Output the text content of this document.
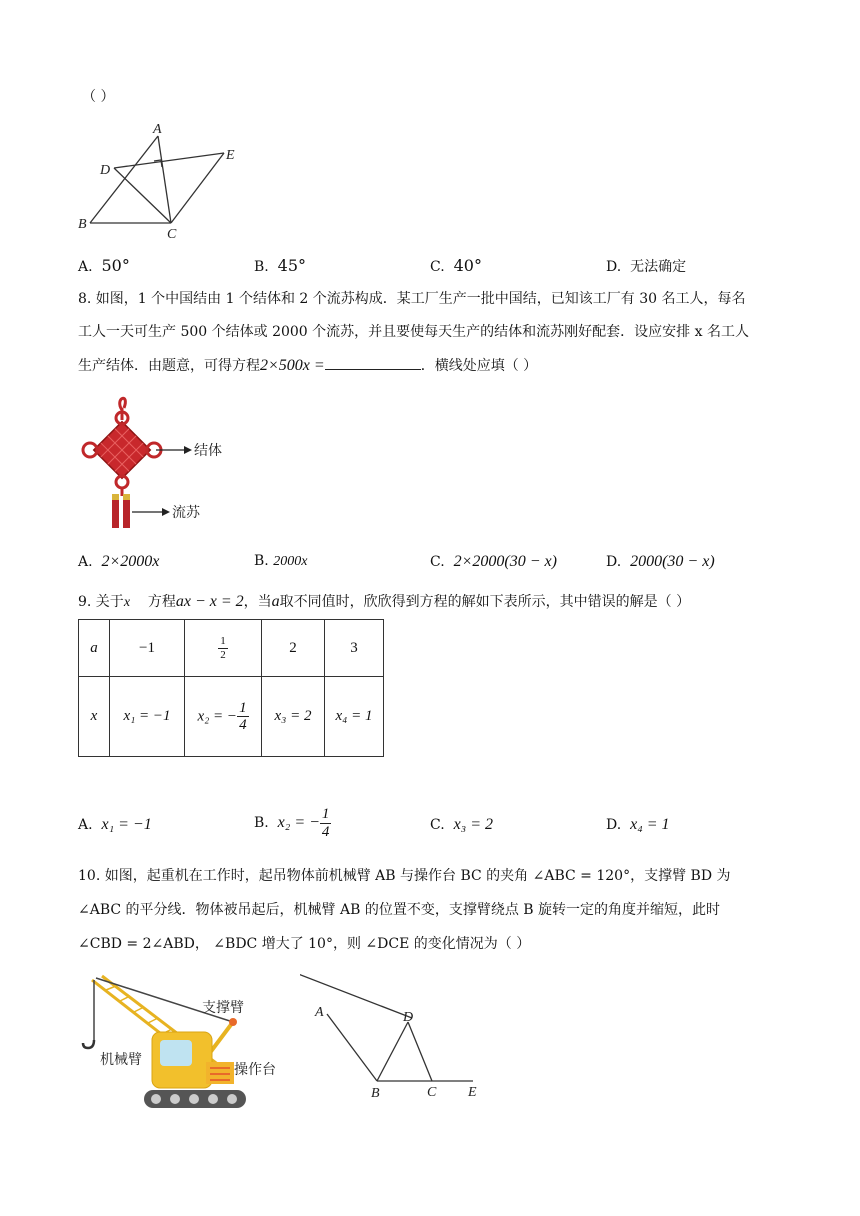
（ ）
A
D
E
B
C
A. 50°	B. 45°	C. 40°	D. 无法确定
8. 如图，1 个中国结由 1 个结体和 2 个流苏构成．某工厂生产一批中国结，已知该工厂有 30 名工人，每名
工人一天可生产 500 个结体或 2000 个流苏，并且要使每天生产的结体和流苏刚好配套．设应安排 x 名工人
生产结体．由题意，可得方程2×500x =	．横线处应填（ ）
结体
流苏
A. 2×2000x	B. 2000x	C. 2×2000(30 − x)	D. 2000(30 − x)
9. 关于x 方程ax − x = 2，当a取不同值时，欣欣得到方程的解如下表所示，其中错误的解是（ ）
a	−1	$\frac{1}{2}$	2	3
x	x₁ = −1	x₂ = − $\frac{1}{4}$	x₃ = 2	x₄ = 1
A. x₁ = −1	B. x₂ = − $\frac{1}{4}$	C. x₃ = 2	D. x₄ = 1
10. 如图，起重机在工作时，起吊物体前机械臂 AB 与操作台 BC 的夹角 ∠ABC = 120°，支撑臂 BD 为
∠ABC 的平分线．物体被吊起后，机械臂 AB 的位置不变，支撑臂绕点 B 旋转一定的角度并缩短，此时
∠CBD = 2∠ABD， ∠BDC 增大了 10°，则 ∠DCE 的变化情况为（ ）
支撑臂
机械臂
操作台
A	D
B	C E
